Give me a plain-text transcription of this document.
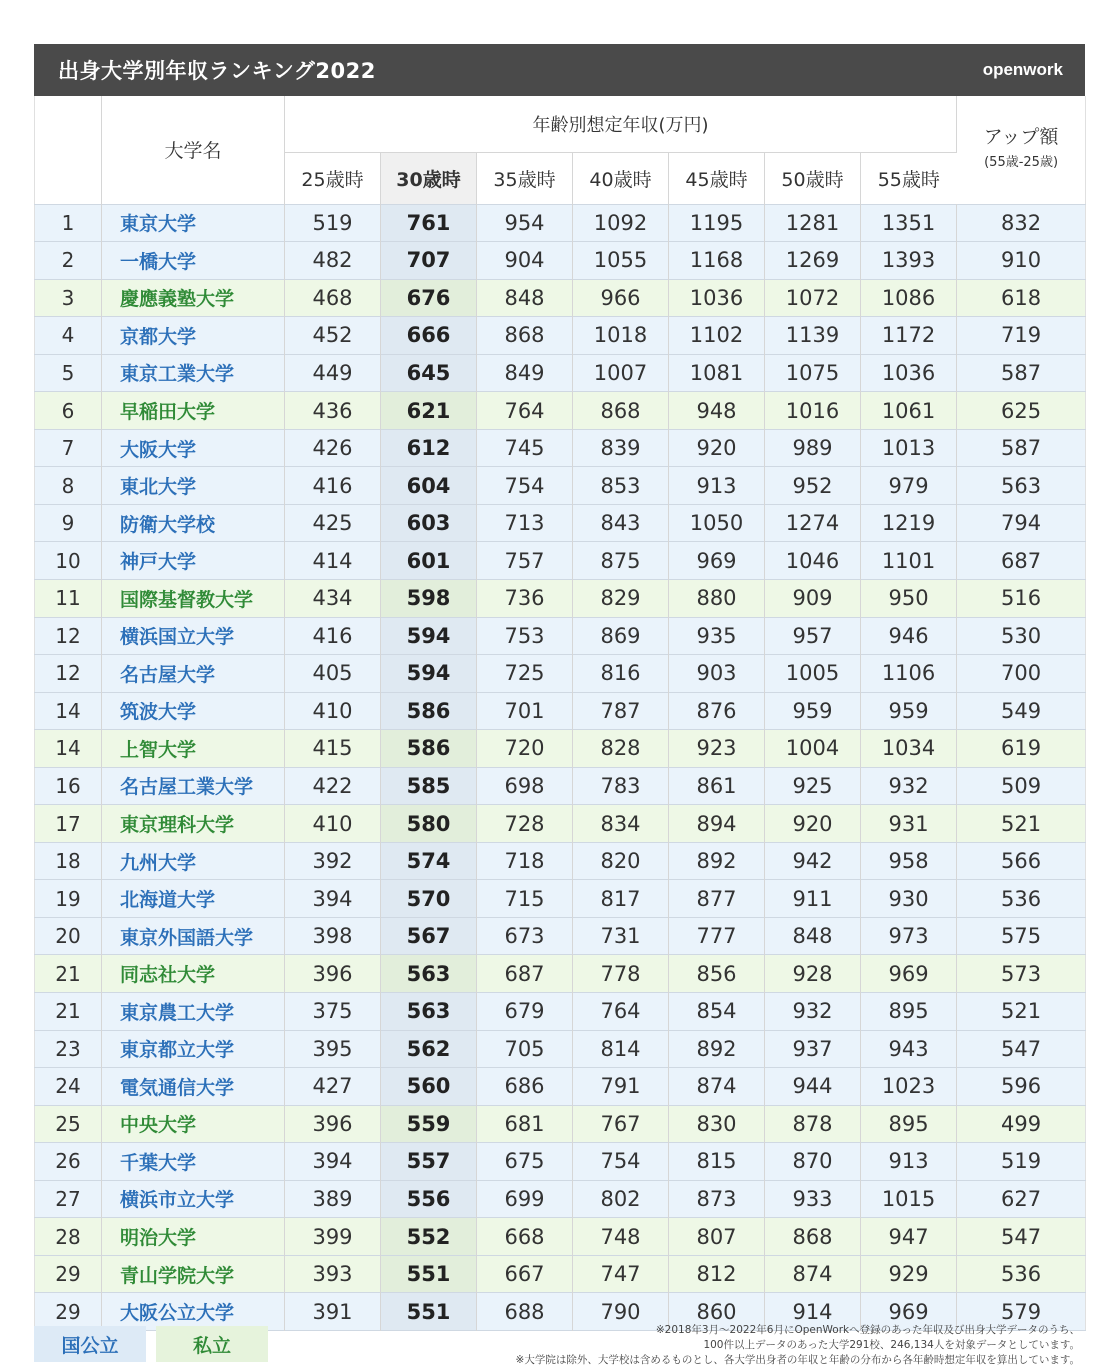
出身大学別年収ランキング2022	openwork
	大学名	年齢別想定年収(万円)							アップ額
(55歳-25歳)

		25歳時	30歳時	35歳時	40歳時	45歳時	50歳時	55歳時	
1	東京大学	519	761	954	1092	1195	1281	1351	832
2	一橋大学	482	707	904	1055	1168	1269	1393	910
3	慶應義塾大学	468	676	848	966	1036	1072	1086	618
4	京都大学	452	666	868	1018	1102	1139	1172	719
5	東京工業大学	449	645	849	1007	1081	1075	1036	587
6	早稲田大学	436	621	764	868	948	1016	1061	625
7	大阪大学	426	612	745	839	920	989	1013	587
8	東北大学	416	604	754	853	913	952	979	563
9	防衛大学校	425	603	713	843	1050	1274	1219	794
10	神戸大学	414	601	757	875	969	1046	1101	687
11	国際基督教大学	434	598	736	829	880	909	950	516
12	横浜国立大学	416	594	753	869	935	957	946	530
12	名古屋大学	405	594	725	816	903	1005	1106	700
14	筑波大学	410	586	701	787	876	959	959	549
14	上智大学	415	586	720	828	923	1004	1034	619
16	名古屋工業大学	422	585	698	783	861	925	932	509
17	東京理科大学	410	580	728	834	894	920	931	521
18	九州大学	392	574	718	820	892	942	958	566
19	北海道大学	394	570	715	817	877	911	930	536
20	東京外国語大学	398	567	673	731	777	848	973	575
21	同志社大学	396	563	687	778	856	928	969	573
21	東京農工大学	375	563	679	764	854	932	895	521
23	東京都立大学	395	562	705	814	892	937	943	547
24	電気通信大学	427	560	686	791	874	944	1023	596
25	中央大学	396	559	681	767	830	878	895	499
26	千葉大学	394	557	675	754	815	870	913	519
27	横浜市立大学	389	556	699	802	873	933	1015	627
28	明治大学	399	552	668	748	807	868	947	547
29	青山学院大学	393	551	667	747	812	874	929	536
29	大阪公立大学	391	551	688	790	860	914	969	579
国公立	私立
※2018年3月〜2022年6月にOpenWorkへ登録のあった年収及び出身大学データのうち、
100件以上データのあった大学291校、246,134人を対象データとしています。
※大学院は除外、大学校は含めるものとし、各大学出身者の年収と年齢の分布から各年齢時想定年収を算出しています。
